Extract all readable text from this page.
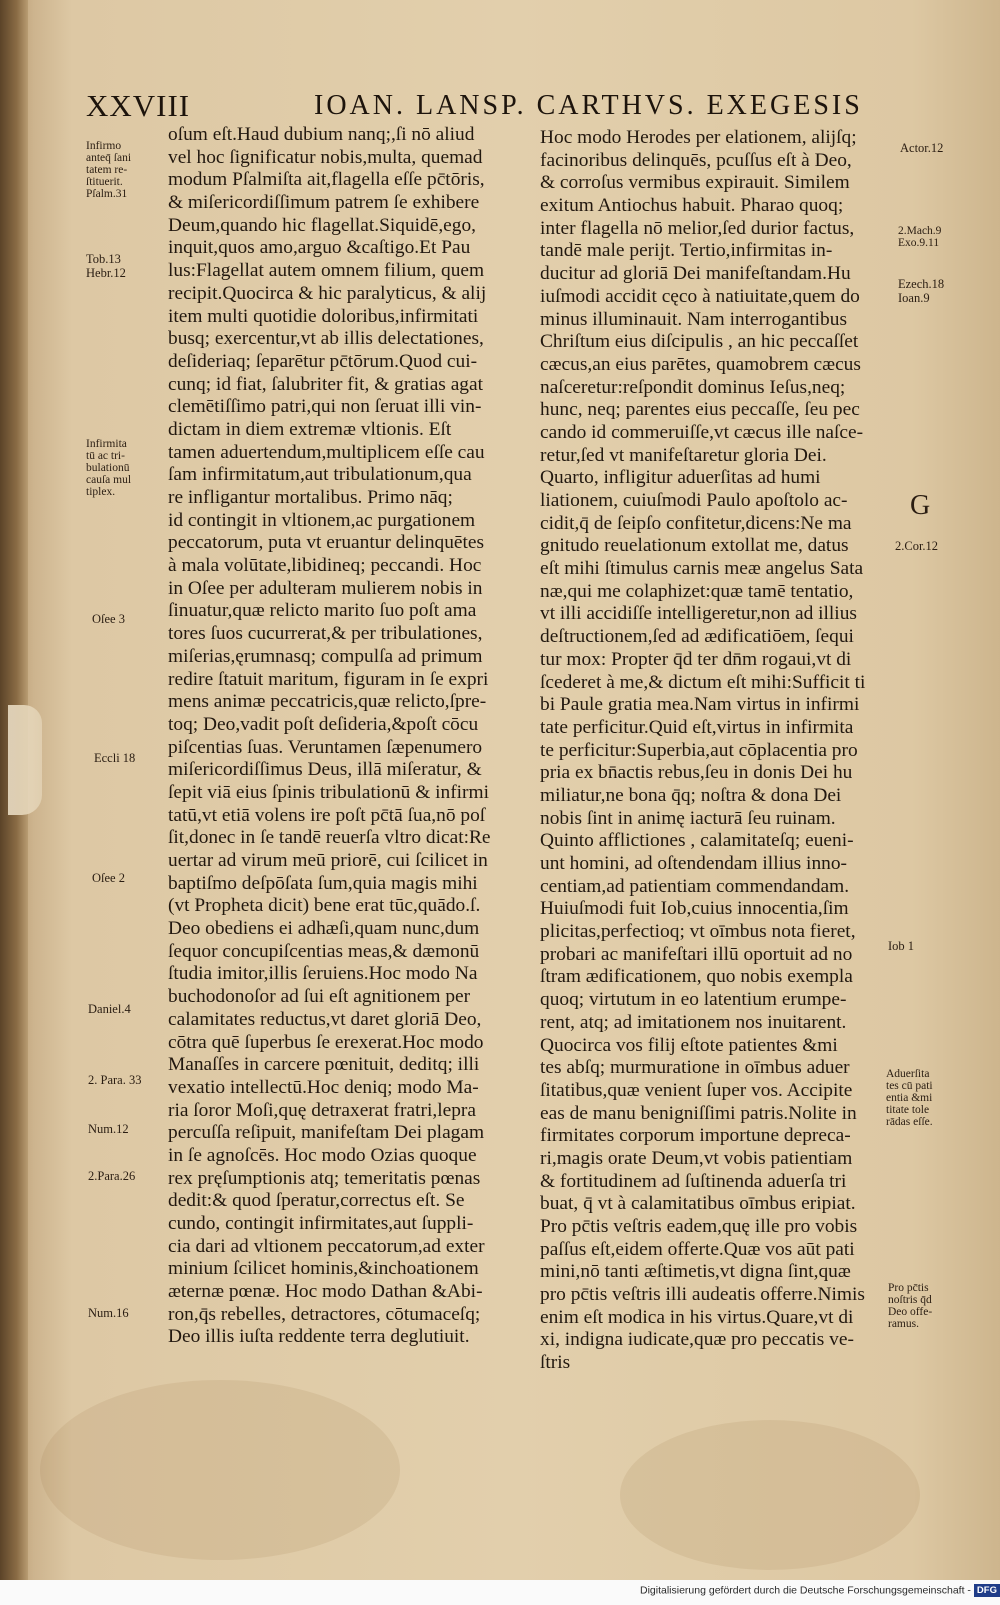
XXVIII	IOAN. LANSP. CARTHVS. EXEGESIS
oſum eſt.Haud dubium nanq;,ſi nō aliud
vel hoc ſignificatur nobis,multa, quemad
modum Pſalmiſta ait,flagella eſſe pc̄tōris,
& miſericordiſſimum patrem ſe exhibere
Deum,quando hic flagellat.Siquidē,ego,
inquit,quos amo,arguo &caſtigo.Et Pau
lus:Flagellat autem omnem filium, quem
recipit.Quocirca & hic paralyticus, & alij
item multi quotidie doloribus,infirmitati
busq; exercentur,vt ab illis delectationes,
deſideriaq; ſeparētur pc̄tōrum.Quod cui-
cunq; id fiat, ſalubriter fit, & gratias agat
clemētiſſimo patri,qui non ſeruat illi vin-
dictam in diem extremæ vltionis. Eſt
tamen aduertendum,multiplicem eſſe cau
ſam infirmitatum,aut tribulationum,qua
re infligantur mortalibus. Primo nāq;
id contingit in vltionem,ac purgationem
peccatorum, puta vt eruantur delinquētes
à mala volūtate,libidineq; peccandi. Hoc
in Oſee per adulteram mulierem nobis in
ſinuatur,quæ relicto marito ſuo poſt ama
tores ſuos cucurrerat,& per tribulationes,
miſerias,ęrumnasq; compulſa ad primum
redire ſtatuit maritum, figuram in ſe expri
mens animæ peccatricis,quæ relicto,ſpre-
toq; Deo,vadit poſt deſideria,&poſt cōcu
piſcentias ſuas. Veruntamen ſæpenumero
miſericordiſſimus Deus, illā miſeratur, &
ſepit viā eius ſpinis tribulationū & infirmi
tatū,vt etiā volens ire poſt pc̄tā ſua,nō poſ
ſit,donec in ſe tandē reuerſa vltro dicat:Re
uertar ad virum meū priorē, cui ſcilicet in
baptiſmo deſpōſata ſum,quia magis mihi
(vt Propheta dicit) bene erat tūc,quādo.ſ.
Deo obediens ei adhæſi,quam nunc,dum
ſequor concupiſcentias meas,& dæmonū
ſtudia imitor,illis ſeruiens.Hoc modo Na
buchodonoſor ad ſui eſt agnitionem per
calamitates reductus,vt daret gloriā Deo,
cōtra quē ſuperbus ſe erexerat.Hoc modo
Manaſſes in carcere pœnituit, deditq; illi
vexatio intellectū.Hoc deniq; modo Ma-
ria ſoror Moſi,quę detraxerat fratri,lepra
percuſſa reſipuit, manifeſtam Dei plagam
in ſe agnoſcēs. Hoc modo Ozias quoque
rex pręſumptionis atq; temeritatis pœnas
dedit:& quod ſperatur,correctus eſt. Se
cundo, contingit infirmitates,aut ſuppli-
cia dari ad vltionem peccatorum,ad exter
minium ſcilicet hominis,&inchoationem
æternæ pœnæ. Hoc modo Dathan &Abi-
ron,q̄s rebelles, detractores, cōtumaceſq;
Deo illis iuſta reddente terra deglutiuit.
Hoc modo Herodes per elationem, alijſq;
facinoribus delinquēs, pcuſſus eſt à Deo,
& corroſus vermibus expirauit. Similem
exitum Antiochus habuit. Pharao quoq;
inter flagella nō melior,ſed durior factus,
tandē male perijt. Tertio,infirmitas in-
ducitur ad gloriā Dei manifeſtandam.Hu
iuſmodi accidit cęco à natiuitate,quem do
minus illuminauit. Nam interrogantibus
Chriſtum eius diſcipulis , an hic peccaſſet
cæcus,an eius parētes, quamobrem cæcus
naſceretur:reſpondit dominus Ieſus,neq;
hunc, neq; parentes eius peccaſſe, ſeu pec
cando id commeruiſſe,vt cæcus ille naſce-
retur,ſed vt manifeſtaretur gloria Dei.
Quarto, infligitur aduerſitas ad humi
liationem, cuiuſmodi Paulo apoſtolo ac-
cidit,q̄ de ſeipſo confitetur,dicens:Ne ma
gnitudo reuelationum extollat me, datus
eſt mihi ſtimulus carnis meæ angelus Sata
næ,qui me colaphizet:quæ tamē tentatio,
vt illi accidiſſe intelligeretur,non ad illius
deſtructionem,ſed ad ædificatiōem, ſequi
tur mox: Propter q̄d ter dn̄m rogaui,vt di
ſcederet à me,& dictum eſt mihi:Sufficit ti
bi Paule gratia mea.Nam virtus in infirmi
tate perficitur.Quid eſt,virtus in infirmita
te perficitur:Superbia,aut cōplacentia pro
pria ex bn̄actis rebus,ſeu in donis Dei hu
miliatur,ne bona q̄q; noſtra & dona Dei
nobis ſint in animę iacturā ſeu ruinam.
Quinto afflictiones , calamitateſq; eueni-
unt homini, ad oſtendendam illius inno-
centiam,ad patientiam commendandam.
Huiuſmodi fuit Iob,cuius innocentia,ſim
plicitas,perfectioq; vt oīmbus nota fieret,
probari ac manifeſtari illū oportuit ad no
ſtram ædificationem, quo nobis exempla
quoq; virtutum in eo latentium erumpe-
rent, atq; ad imitationem nos inuitarent.
Quocirca vos filij eſtote patientes &mi
tes abſq; murmuratione in oīmbus aduer
ſitatibus,quæ venient ſuper vos. Accipite
eas de manu benigniſſimi patris.Nolite in
firmitates corporum importune depreca-
ri,magis orate Deum,vt vobis patientiam
& fortitudinem ad ſuſtinenda aduerſa tri
buat, q̄ vt à calamitatibus oīmbus eripiat.
Pro pc̄tis veſtris eadem,quę ille pro vobis
paſſus eſt,eidem offerte.Quæ vos aūt pati
mini,nō tanti æſtimetis,vt digna ſint,quæ
pro pc̄tis veſtris illi audeatis offerre.Nimis
enim eſt modica in his virtus.Quare,vt di
xi, indigna iudicate,quæ pro peccatis ve-
ſtris
Infirmo
anteq̄ ſani
tatem re-
ſtituerit.
Pſalm.31
Tob.13
Hebr.12
Infirmita
tū ac tri-
bulationū
cauſa mul
tiplex.
Oſee 3
Eccli 18
Oſee 2
Daniel.4
2. Para. 33
Num.12
2.Para.26
Num.16
Actor.12
2.Mach.9
Exo.9.11
Ezech.18
Ioan.9
2.Cor.12
Iob 1
Aduerſita
tes cū pati
entia &mi
titate tole
rādas eſſe.
Pro pc̄tis
noſtris q̄d
Deo offe-
ramus.
G
Digitalisierung gefördert durch die Deutsche Forschungsgemeinschaft - DFG
